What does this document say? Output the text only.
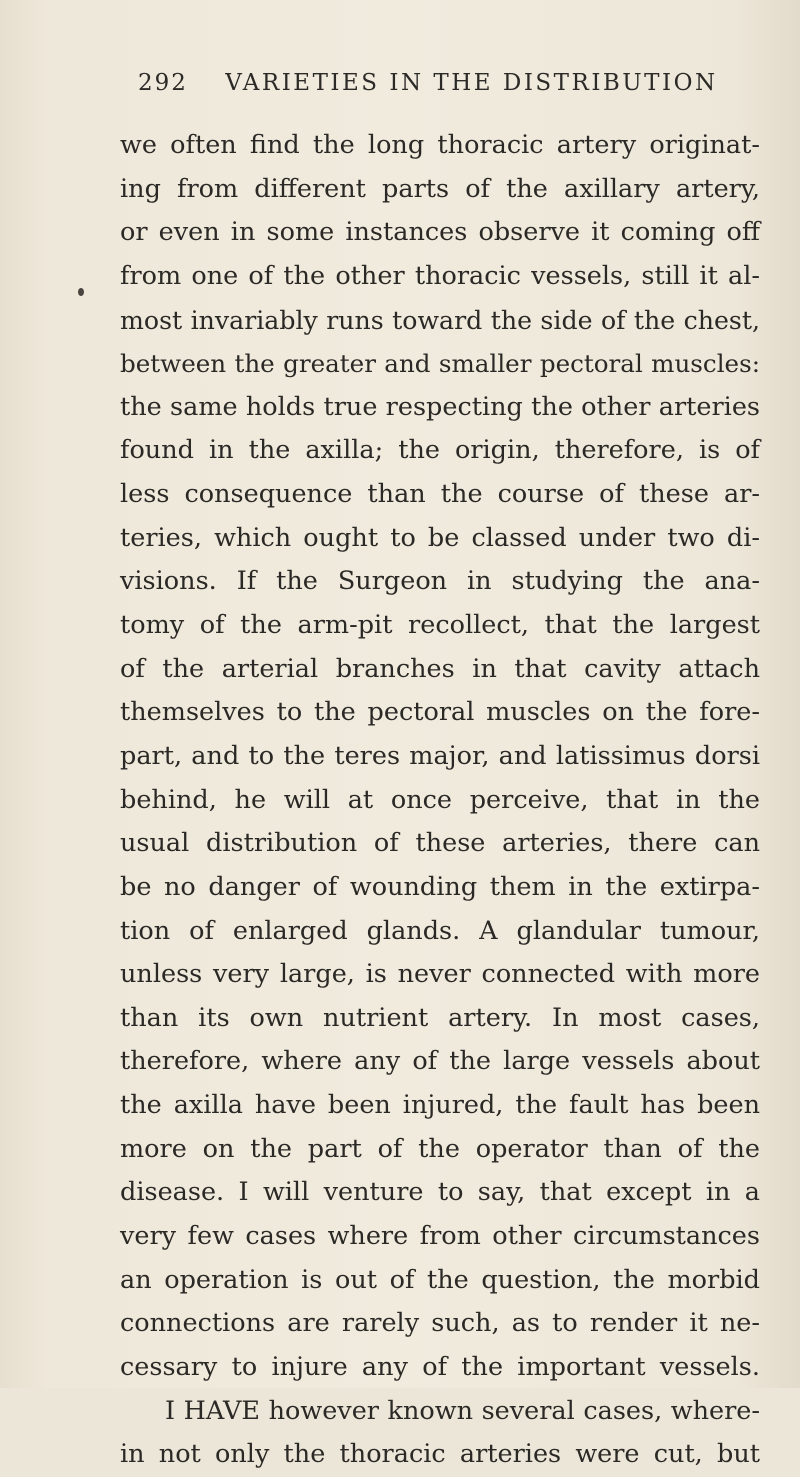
292 VARIETIES IN THE DISTRIBUTION
we often find the long thoracic artery originat-
ing from different parts of the axillary artery,
or even in some instances observe it coming off
from one of the other thoracic vessels, still it al-
most invariably runs toward the side of the chest,
between the greater and smaller pectoral muscles:
the same holds true respecting the other arteries
found in the axilla; the origin, therefore, is of
less consequence than the course of these ar-
teries, which ought to be classed under two di-
visions. If the Surgeon in studying the ana-
tomy of the arm-pit recollect, that the largest
of the arterial branches in that cavity attach
themselves to the pectoral muscles on the fore-
part, and to the teres major, and latissimus dorsi
behind, he will at once perceive, that in the
usual distribution of these arteries, there can
be no danger of wounding them in the extirpa-
tion of enlarged glands. A glandular tumour,
unless very large, is never connected with more
than its own nutrient artery. In most cases,
therefore, where any of the large vessels about
the axilla have been injured, the fault has been
more on the part of the operator than of the
disease. I will venture to say, that except in a
very few cases where from other circumstances
an operation is out of the question, the morbid
connections are rarely such, as to render it ne-
cessary to injure any of the important vessels.
I HAVE however known several cases, where-
in not only the thoracic arteries were cut, but
